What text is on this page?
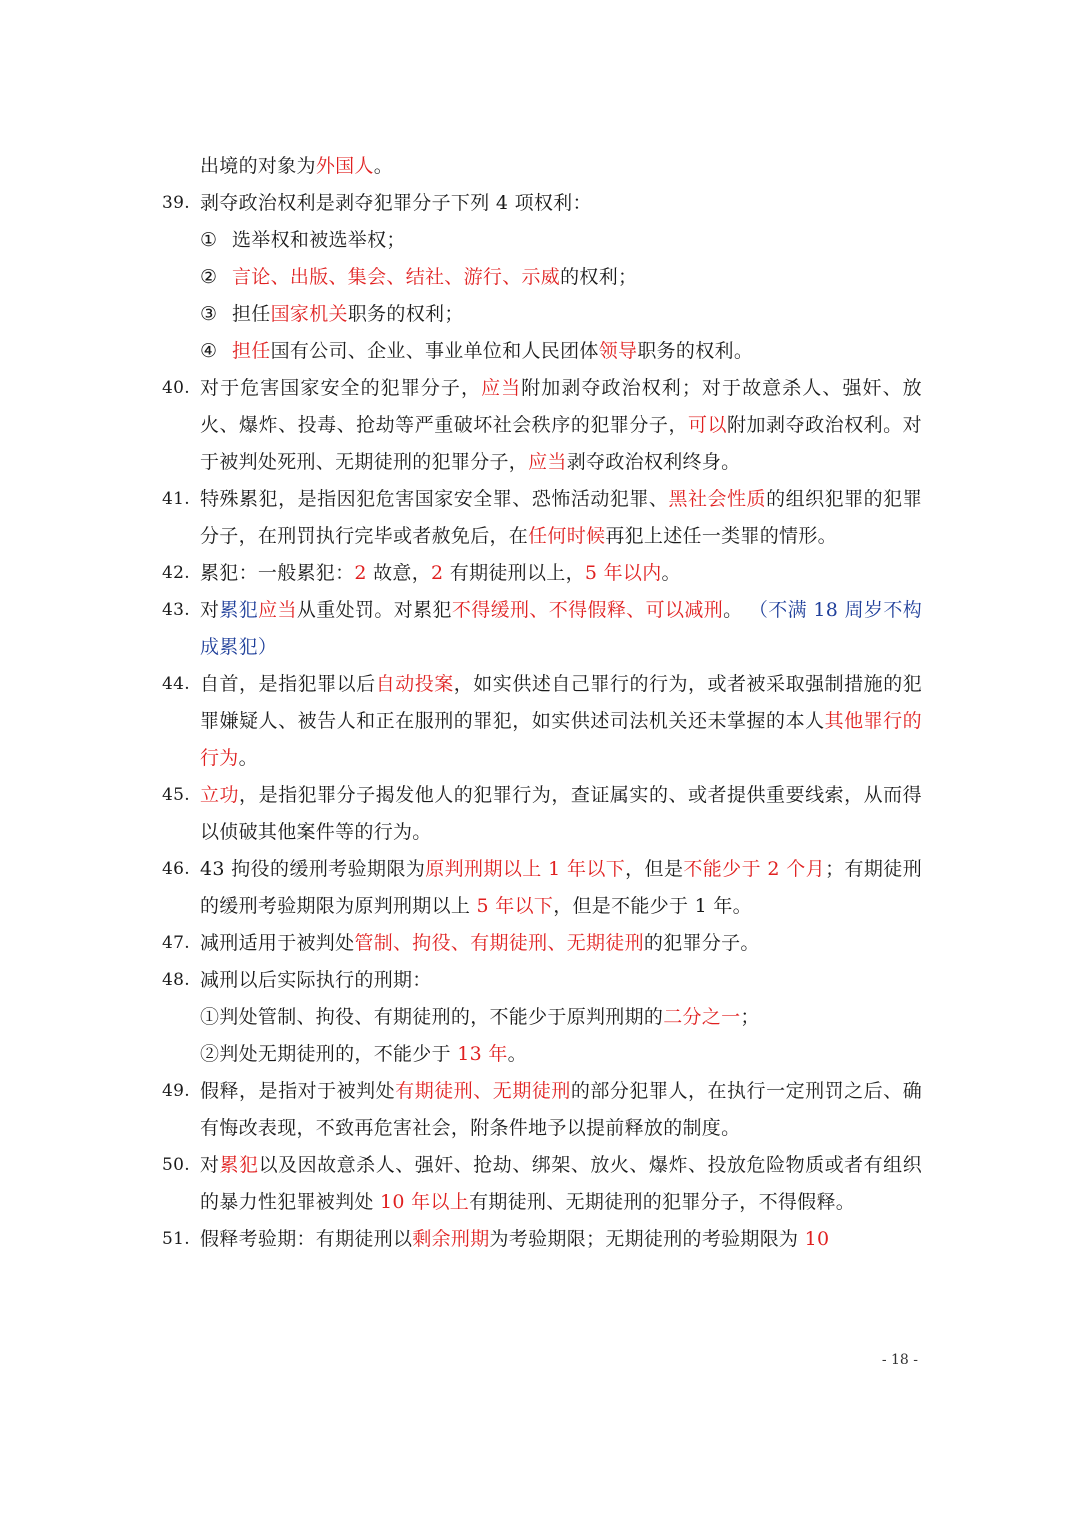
出境的对象为外国人。
39. 剥夺政治权利是剥夺犯罪分子下列 4 项权利：
① 选举权和被选举权；
② 言论、出版、集会、结社、游行、示威的权利；
③ 担任国家机关职务的权利；
④ 担任国有公司、企业、事业单位和人民团体领导职务的权利。
40. 对于危害国家安全的犯罪分子，应当附加剥夺政治权利；对于故意杀人、强奸、放火、爆炸、投毒、抢劫等严重破坏社会秩序的犯罪分子，可以附加剥夺政治权利。对于被判处死刑、无期徒刑的犯罪分子，应当剥夺政治权利终身。
41. 特殊累犯，是指因犯危害国家安全罪、恐怖活动犯罪、黑社会性质的组织犯罪的犯罪分子，在刑罚执行完毕或者赦免后，在任何时候再犯上述任一类罪的情形。
42. 累犯：一般累犯：2 故意，2 有期徒刑以上，5 年以内。
43. 对累犯应当从重处罚。对累犯不得缓刑、不得假释、可以减刑。 （不满 18 周岁不构成累犯）
44. 自首，是指犯罪以后自动投案，如实供述自己罪行的行为，或者被采取强制措施的犯罪嫌疑人、被告人和正在服刑的罪犯，如实供述司法机关还未掌握的本人其他罪行的行为。
45. 立功，是指犯罪分子揭发他人的犯罪行为，查证属实的、或者提供重要线索，从而得以侦破其他案件等的行为。
46. 43 拘役的缓刑考验期限为原判刑期以上 1 年以下，但是不能少于 2 个月；有期徒刑的缓刑考验期限为原判刑期以上 5 年以下，但是不能少于 1 年。
47. 减刑适用于被判处管制、拘役、有期徒刑、无期徒刑的犯罪分子。
48. 减刑以后实际执行的刑期：
①判处管制、拘役、有期徒刑的，不能少于原判刑期的二分之一；
②判处无期徒刑的，不能少于 13 年。
49. 假释，是指对于被判处有期徒刑、无期徒刑的部分犯罪人，在执行一定刑罚之后、确有悔改表现，不致再危害社会，附条件地予以提前释放的制度。
50. 对累犯以及因故意杀人、强奸、抢劫、绑架、放火、爆炸、投放危险物质或者有组织的暴力性犯罪被判处 10 年以上有期徒刑、无期徒刑的犯罪分子，不得假释。
51. 假释考验期：有期徒刑以剩余刑期为考验期限；无期徒刑的考验期限为 10
- 18 -
